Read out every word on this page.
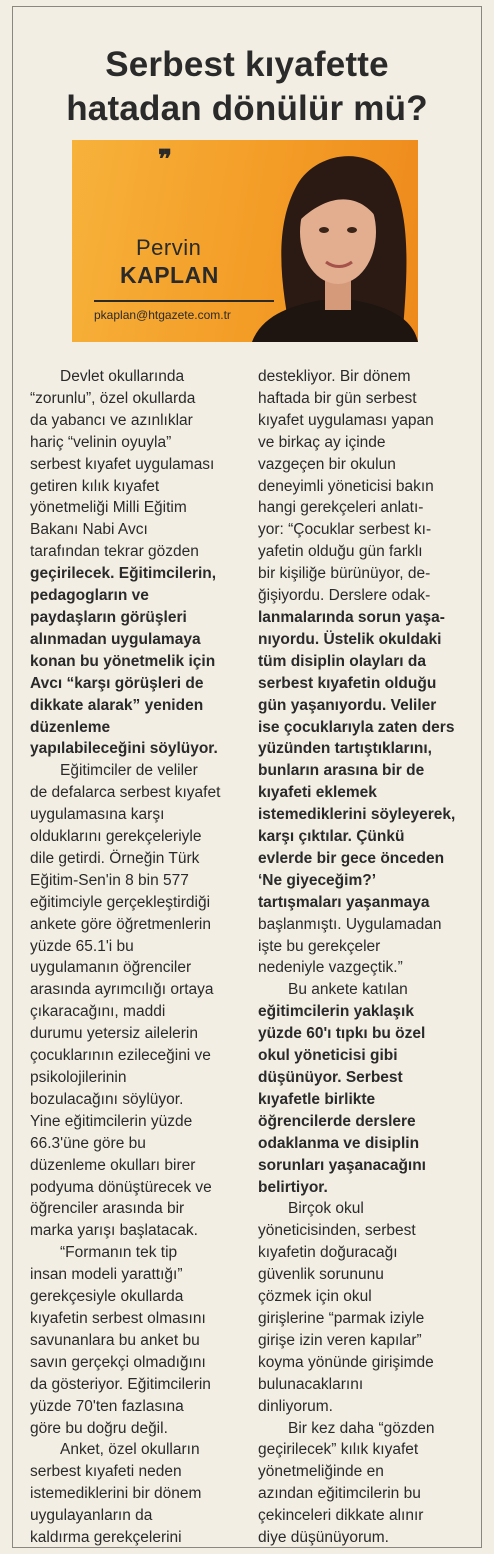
Serbest kıyafette
hatadan dönülür mü?
❞
Pervin
KAPLAN
pkaplan@htgazete.com.tr

Devlet okullarında
“zorunlu”, özel okullarda
da yabancı ve azınlıklar
hariç “velinin oyuyla”
serbest kıyafet uygulaması
getiren kılık kıyafet
yönetmeliği Milli Eğitim
Bakanı Nabi Avcı
tarafından tekrar gözden
geçirilecek. Eğitimcilerin,
pedagogların ve
paydaşların görüşleri
alınmadan uygulamaya
konan bu yönetmelik için
Avcı “karşı görüşleri de
dikkate alarak” yeniden
düzenleme
yapılabileceğini söylüyor.

Eğitimciler de veliler
de defalarca serbest kıyafet
uygulamasına karşı
olduklarını gerekçeleriyle
dile getirdi. Örneğin Türk
Eğitim-Sen'in 8 bin 577
eğitimciyle gerçekleştirdiği
ankete göre öğretmenlerin
yüzde 65.1'i bu
uygulamanın öğrenciler
arasında ayrımcılığı ortaya
çıkaracağını, maddi
durumu yetersiz ailelerin
çocuklarının ezileceğini ve
psikolojilerinin
bozulacağını söylüyor.
Yine eğitimcilerin yüzde
66.3'üne göre bu
düzenleme okulları birer
podyuma dönüştürecek ve
öğrenciler arasında bir
marka yarışı başlatacak.

“Formanın tek tip
insan modeli yarattığı”
gerekçesiyle okullarda
kıyafetin serbest olmasını
savunanlara bu anket bu
savın gerçekçi olmadığını
da gösteriyor. Eğitimcilerin
yüzde 70'ten fazlasına
göre bu doğru değil.

Anket, özel okulların
serbest kıyafeti neden
istemediklerini bir dönem
uygulayanların da
kaldırma gerekçelerini

destekliyor. Bir dönem
haftada bir gün serbest
kıyafet uygulaması yapan
ve birkaç ay içinde
vazgeçen bir okulun
deneyimli yöneticisi bakın
hangi gerekçeleri anlatı-
yor: “Çocuklar serbest kı-
yafetin olduğu gün farklı
bir kişiliğe bürünüyor, de-
ğişiyordu. Derslere odak-
lanmalarında sorun yaşa-
nıyordu. Üstelik okuldaki
tüm disiplin olayları da
serbest kıyafetin olduğu
gün yaşanıyordu. Veliler
ise çocuklarıyla zaten ders
yüzünden tartıştıklarını,
bunların arasına bir de
kıyafeti eklemek
istemediklerini söyleyerek,
karşı çıktılar. Çünkü
evlerde bir gece önceden
‘Ne giyeceğim?’
tartışmaları yaşanmaya
başlanmıştı. Uygulamadan
işte bu gerekçeler
nedeniyle vazgeçtik.”

Bu ankete katılan
eğitimcilerin yaklaşık
yüzde 60'ı tıpkı bu özel
okul yöneticisi gibi
düşünüyor. Serbest
kıyafetle birlikte
öğrencilerde derslere
odaklanma ve disiplin
sorunları yaşanacağını
belirtiyor.

Birçok okul
yöneticisinden, serbest
kıyafetin doğuracağı
güvenlik sorununu
çözmek için okul
girişlerine “parmak iziyle
girişe izin veren kapılar”
koyma yönünde girişimde
bulunacaklarını
dinliyorum.

Bir kez daha “gözden
geçirilecek” kılık kıyafet
yönetmeliğinde en
azından eğitimcilerin bu
çekinceleri dikkate alınır
diye düşünüyorum.
